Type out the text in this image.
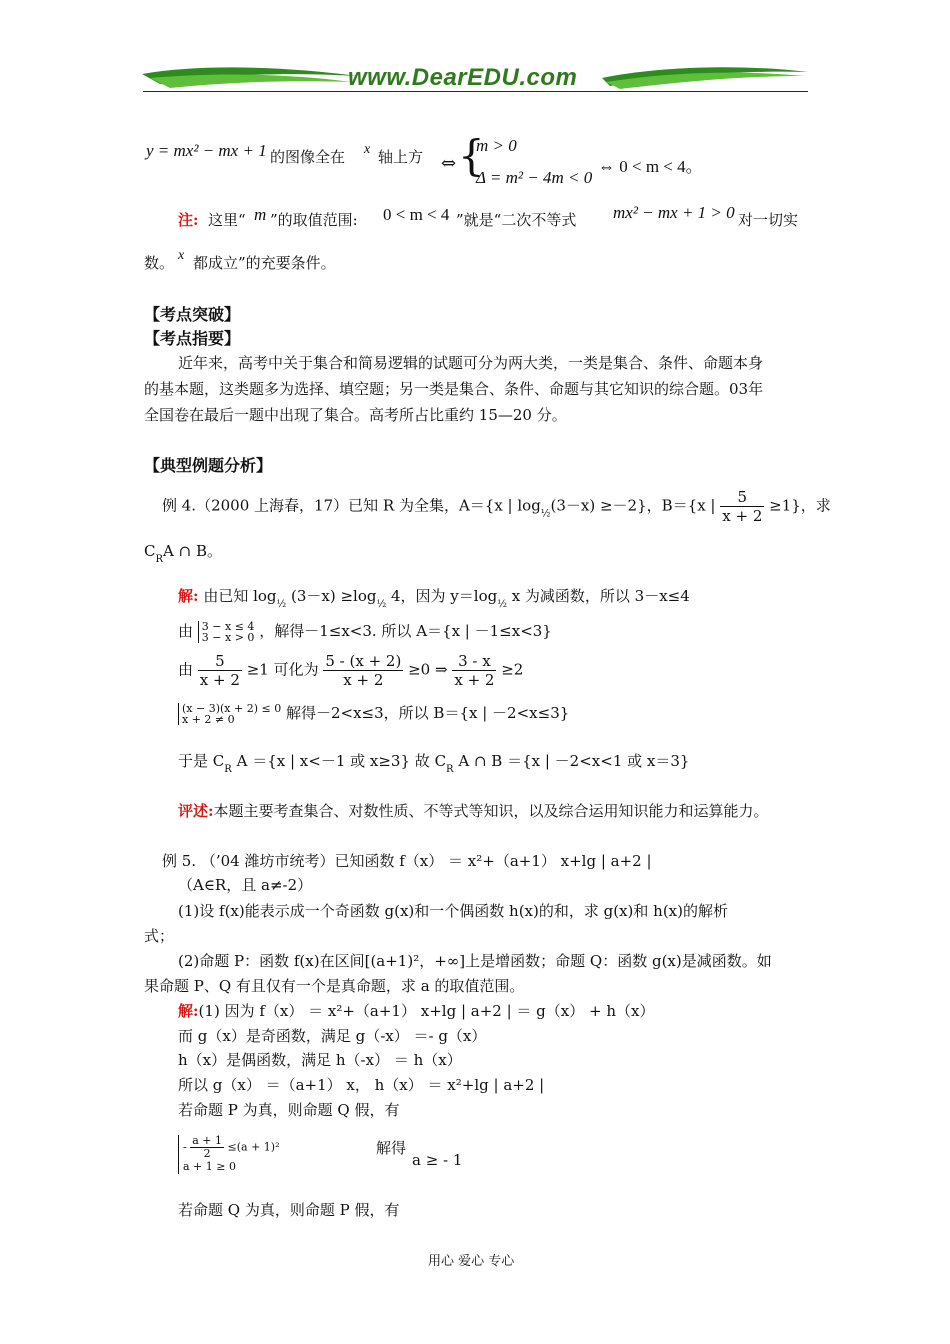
www.DearEDU.com
y = mx² − mx + 1 的图像全在 x 轴上方 ⇔ {
m > 0
Δ = m² − 4m < 0
⇔ 0 < m < 4。
注: 这里“ m ”的取值范围: 0 < m < 4 ”就是“二次不等式 mx² − mx + 1 > 0 对一切实
数。 x 都成立”的充要条件。
【考点突破】
【考点指要】
近年来，高考中关于集合和简易逻辑的试题可分为两大类，一类是集合、条件、命题本身
的基本题，这类题多为选择、填空题；另一类是集合、条件、命题与其它知识的综合题。03年
全国卷在最后一题中出现了集合。高考所占比重约 15—20 分。
【典型例题分析】
例 4.（2000 上海春，17）已知 R 为全集，A＝{x | $\log_{\frac{1}{2}}(3-x) \ge-2$}，B＝{x | $\frac{5}{x + 2} \ge 1$}，求
$C_RA$ ∩ B。
解: 由已知 $\log_{\frac{1}{2}} (3-x) \ge\log_{\frac{1}{2}}$ 4，因为 $y=\log_{\frac{1}{2}}$ x 为减函数，所以 3－x≤4
由 3 − x ≤ 4
3 − x > 0 ，解得－1≤x<3. 所以 A＝{x | －1≤x<3}
由 $\frac{5}{x + 2} \ge 1$ 可化为 $\frac{5 - (x + 2)}{x + 2} \ge 0$ ⇒ $\frac{3 - x}{x + 2} \ge 2$
(x − 3)(x + 2) ≤ 0
x + 2 ≠ 0	解得－2<x≤3，所以 B＝{x | －2<x≤3}
于是 $C_R$ A ＝{x | x<－1 或 x≥3} 故 $C_R$ A ∩ B ＝{x | －2<x<1 或 x＝3}
评述:本题主要考查集合、对数性质、不等式等知识，以及综合运用知识能力和运算能力。
例 5. （’04 潍坊市统考）已知函数 f（x） ＝ x²+（a+1） x+lg | a+2 |
（A∈R，且 a≠-2）
(1)设 f(x)能表示成一个奇函数 g(x)和一个偶函数 h(x)的和，求 g(x)和 h(x)的解析
式；
(2)命题 P：函数 f(x)在区间[(a+1)²，+∞]上是增函数；命题 Q：函数 g(x)是减函数。如
果命题 P、Q 有且仅有一个是真命题，求 a 的取值范围。
解:(1) 因为 f（x） ＝ x²+（a+1） x+lg | a+2 | ＝ g（x） + h（x）
而 g（x）是奇函数，满足 g（-x） ＝- g（x）
h（x）是偶函数，满足 h（-x） ＝ h（x）
所以 g（x） ＝（a+1） x， h（x） ＝ x²+lg | a+2 |
若命题 P 为真，则命题 Q 假，有
- $\frac{a + 1}{2} \le(a + 1)^2$
a + 1 ≥ 0
解得
a ≥ - 1
若命题 Q 为真，则命题 P 假，有
用心 爱心 专心
